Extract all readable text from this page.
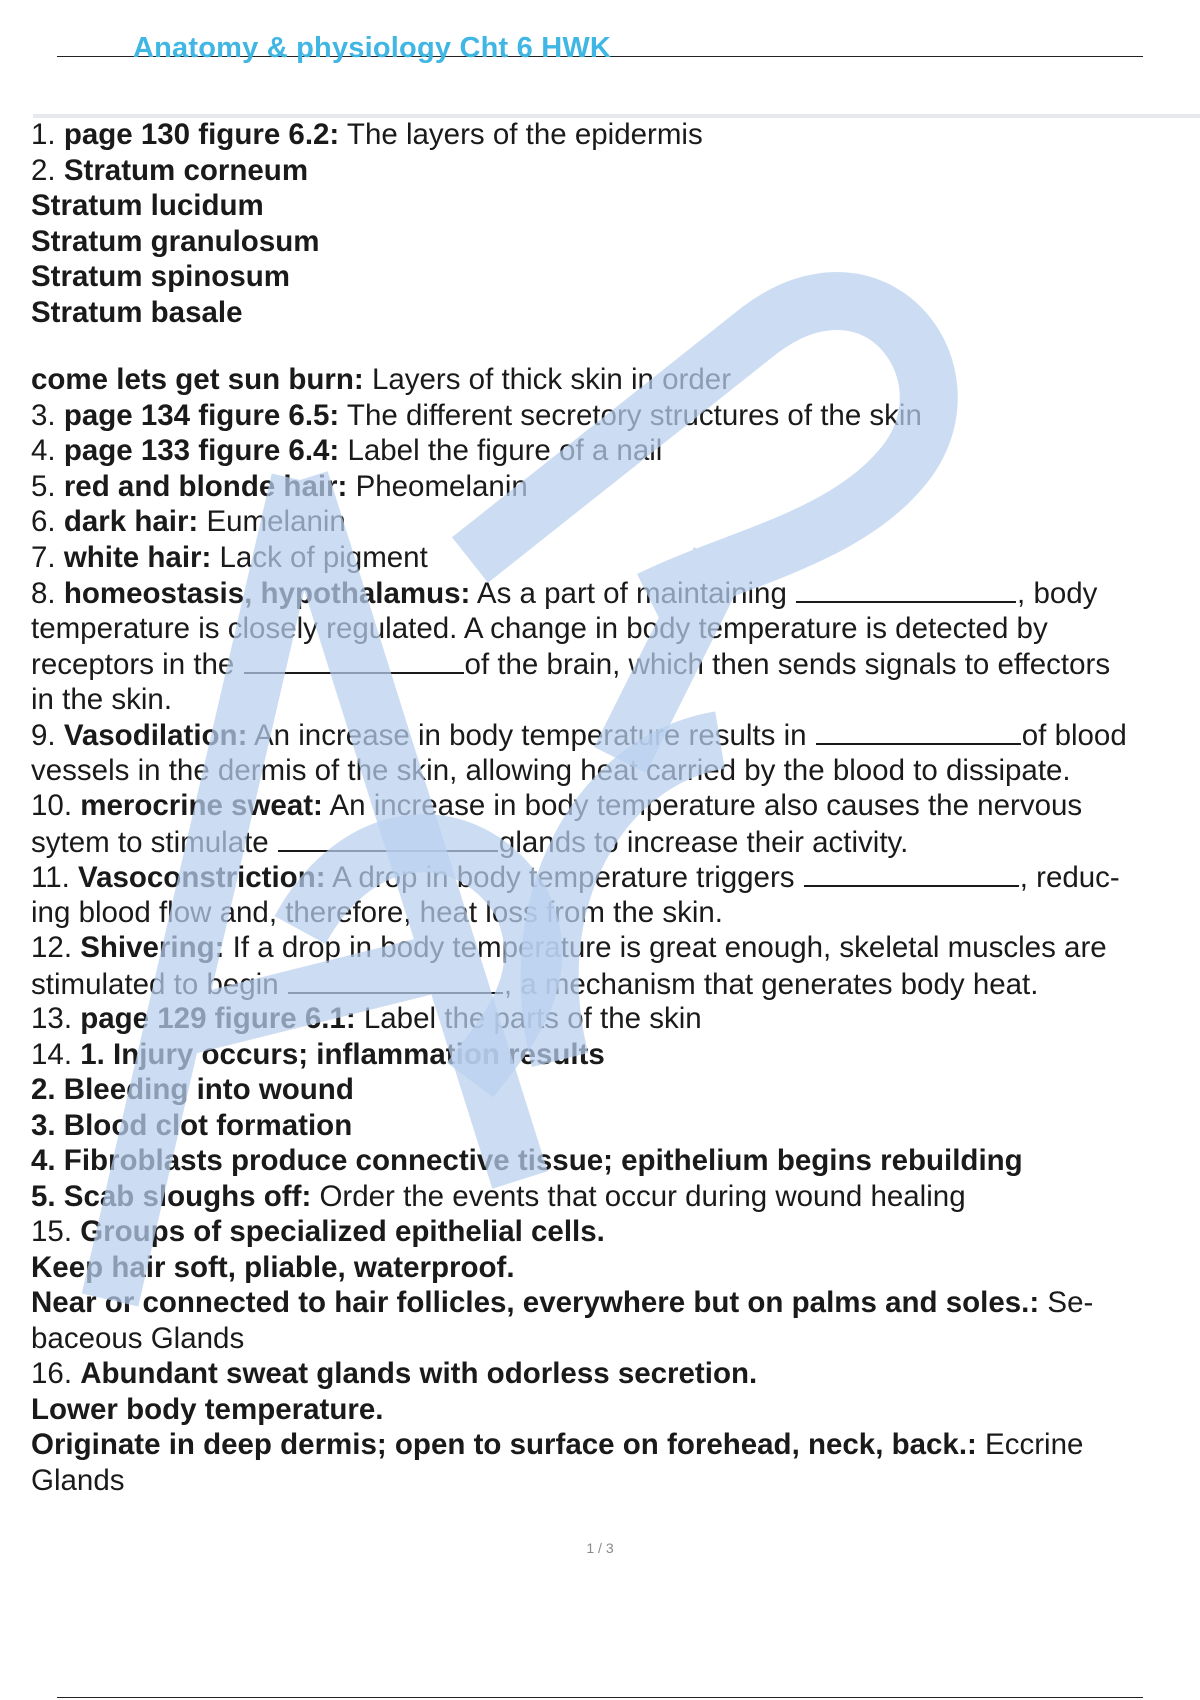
Anatomy & physiology Cht 6 HWK
1. page 130 figure 6.2: The layers of the epidermis
2. Stratum corneum
Stratum lucidum
Stratum granulosum
Stratum spinosum
Stratum basale
come lets get sun burn: Layers of thick skin in order
3. page 134 figure 6.5: The different secretory structures of the skin
4. page 133 figure 6.4: Label the figure of a nail
5. red and blonde hair: Pheomelanin
6. dark hair: Eumelanin
7. white hair: Lack of pigment
8. homeostasis, hypothalamus: As a part of maintaining	, body
temperature is closely regulated. A change in body temperature is detected by
receptors in the	of the brain, which then sends signals to effectors
in the skin.
9. Vasodilation: An increase in body temperature results in	of blood
vessels in the dermis of the skin, allowing heat carried by the blood to dissipate.
10. merocrine sweat: An increase in body temperature also causes the nervous
sytem to stimulate	glands to increase their activity.
11. Vasoconstriction: A drop in body temperature triggers	, reduc-
ing blood flow and, therefore, heat loss from the skin.
12. Shivering: If a drop in body temperature is great enough, skeletal muscles are
stimulated to begin	, a mechanism that generates body heat.
13. page 129 figure 6.1: Label the parts of the skin
14. 1. Injury occurs; inflammation results
2. Bleeding into wound
3. Blood clot formation
4. Fibroblasts produce connective tissue; epithelium begins rebuilding
5. Scab sloughs off: Order the events that occur during wound healing
15. Groups of specialized epithelial cells.
Keep hair soft, pliable, waterproof.
Near or connected to hair follicles, everywhere but on palms and soles.: Se-
baceous Glands
16. Abundant sweat glands with odorless secretion.
Lower body temperature.
Originate in deep dermis; open to surface on forehead, neck, back.: Eccrine
Glands
1 / 3
